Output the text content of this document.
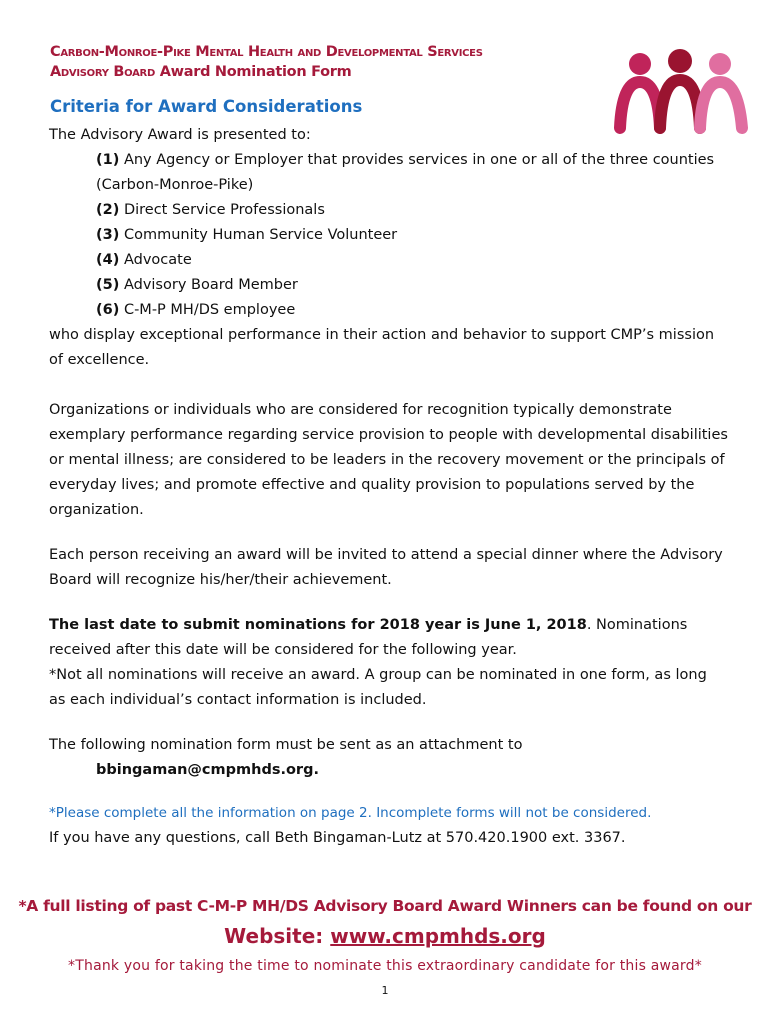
Carbon-Monroe-Pike Mental Health and Developmental Services
Advisory Board Award Nomination Form
Criteria for Award Considerations

The Advisory Award is presented to:

(1) Any Agency or Employer that provides services in one or all of the three counties

(Carbon-Monroe-Pike)

(2) Direct Service Professionals

(3) Community Human Service Volunteer

(4) Advocate

(5) Advisory Board Member

(6) C-M-P MH/DS employee

who display exceptional performance in their action and behavior to support CMP’s mission

of excellence.

Organizations or individuals who are considered for recognition typically demonstrate

exemplary performance regarding service provision to people with developmental disabilities

or mental illness; are considered to be leaders in the recovery movement or the principals of

everyday lives; and promote effective and quality provision to populations served by the

organization.

Each person receiving an award will be invited to attend a special dinner where the Advisory

Board will recognize his/her/their achievement.

The last date to submit nominations for 2018 year is June 1, 2018. Nominations

received after this date will be considered for the following year.

*Not all nominations will receive an award. A group can be nominated in one form, as long

as each individual’s contact information is included.

The following nomination form must be sent as an attachment to

bbingaman@cmpmhds.org.

*Please complete all the information on page 2. Incomplete forms will not be considered.

If you have any questions, call Beth Bingaman-Lutz at 570.420.1900 ext. 3367.

*A full listing of past C-M-P MH/DS Advisory Board Award Winners can be found on our
Website: www.cmpmhds.org
*Thank you for taking the time to nominate this extraordinary candidate for this award*
1
